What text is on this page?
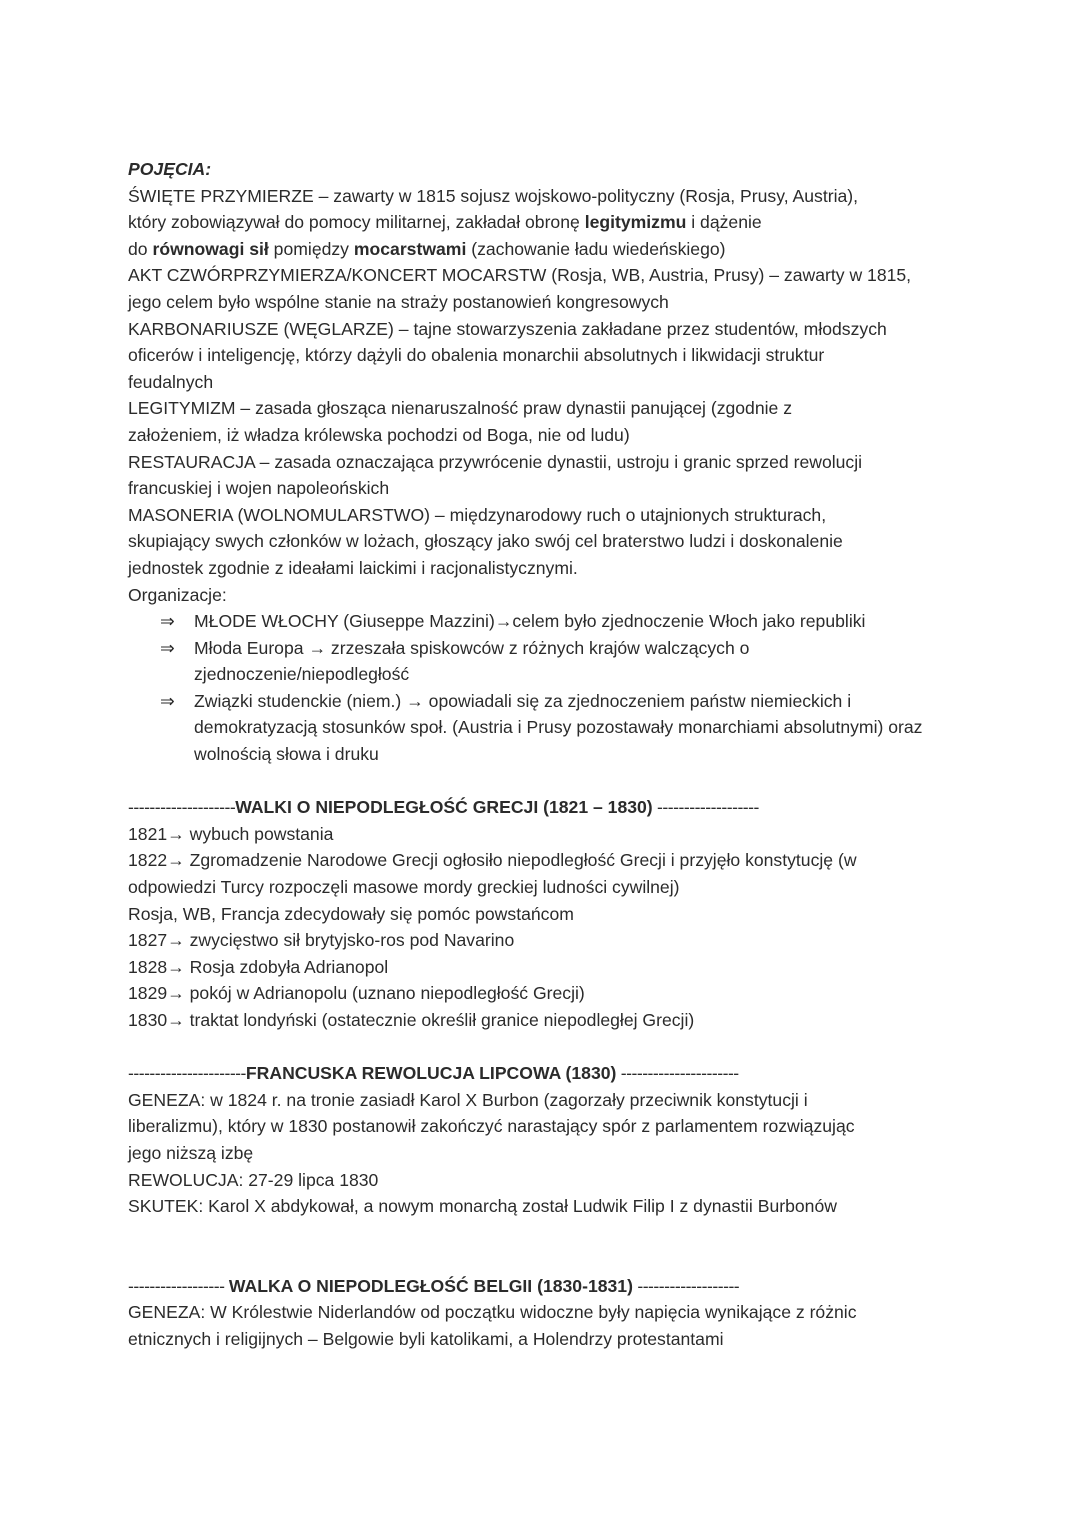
POJĘCIA:

ŚWIĘTE PRZYMIERZE – zawarty w 1815 sojusz wojskowo-polityczny (Rosja, Prusy, Austria),

który zobowiązywał do pomocy militarnej, zakładał obronę legitymizmu i dążenie

do równowagi sił pomiędzy mocarstwami (zachowanie ładu wiedeńskiego)

AKT CZWÓRPRZYMIERZA/KONCERT MOCARSTW (Rosja, WB, Austria, Prusy) – zawarty w 1815,

jego celem było wspólne stanie na straży postanowień kongresowych

KARBONARIUSZE (WĘGLARZE) – tajne stowarzyszenia zakładane przez studentów, młodszych

oficerów i inteligencję, którzy dążyli do obalenia monarchii absolutnych i likwidacji struktur

feudalnych

LEGITYMIZM – zasada głosząca nienaruszalność praw dynastii panującej (zgodnie z

założeniem, iż władza królewska pochodzi od Boga, nie od ludu)

RESTAURACJA – zasada oznaczająca przywrócenie dynastii, ustroju i granic sprzed rewolucji

francuskiej i wojen napoleońskich

MASONERIA (WOLNOMULARSTWO) – międzynarodowy ruch o utajnionych strukturach,

skupiający swych członków w lożach, głoszący jako swój cel braterstwo ludzi i doskonalenie

jednostek zgodnie z ideałami laickimi i racjonalistycznymi.

Organizacje:

⇒ MŁODE WŁOCHY (Giuseppe Mazzini)→celem było zjednoczenie Włoch jako republiki
⇒ Młoda Europa → zrzeszała spiskowców z różnych krajów walczących o
zjednoczenie/niepodległość
⇒ Związki studenckie (niem.) → opowiadali się za zjednoczeniem państw niemieckich i demokratyzacją stosunków społ. (Austria i Prusy pozostawały monarchiami absolutnymi) oraz wolnością słowa i druku

--------------------WALKI O NIEPODLEGŁOŚĆ GRECJI (1821 – 1830) -------------------

1821→ wybuch powstania

1822→ Zgromadzenie Narodowe Grecji ogłosiło niepodległość Grecji i przyjęło konstytucję (w

odpowiedzi Turcy rozpoczęli masowe mordy greckiej ludności cywilnej)

Rosja, WB, Francja zdecydowały się pomóc powstańcom

1827→ zwycięstwo sił brytyjsko-ros pod Navarino

1828→ Rosja zdobyła Adrianopol

1829→ pokój w Adrianopolu (uznano niepodległość Grecji)

1830→ traktat londyński (ostatecznie określił granice niepodległej Grecji)

----------------------FRANCUSKA REWOLUCJA LIPCOWA (1830) ----------------------

GENEZA: w 1824 r. na tronie zasiadł Karol X Burbon (zagorzały przeciwnik konstytucji i

liberalizmu), który w 1830 postanowił zakończyć narastający spór z parlamentem rozwiązując

jego niższą izbę

REWOLUCJA: 27-29 lipca 1830

SKUTEK: Karol X abdykował, a nowym monarchą został Ludwik Filip I z dynastii Burbonów

------------------ WALKA O NIEPODLEGŁOŚĆ BELGII (1830-1831) -------------------

GENEZA: W Królestwie Niderlandów od początku widoczne były napięcia wynikające z różnic

etnicznych i religijnych – Belgowie byli katolikami, a Holendrzy protestantami
